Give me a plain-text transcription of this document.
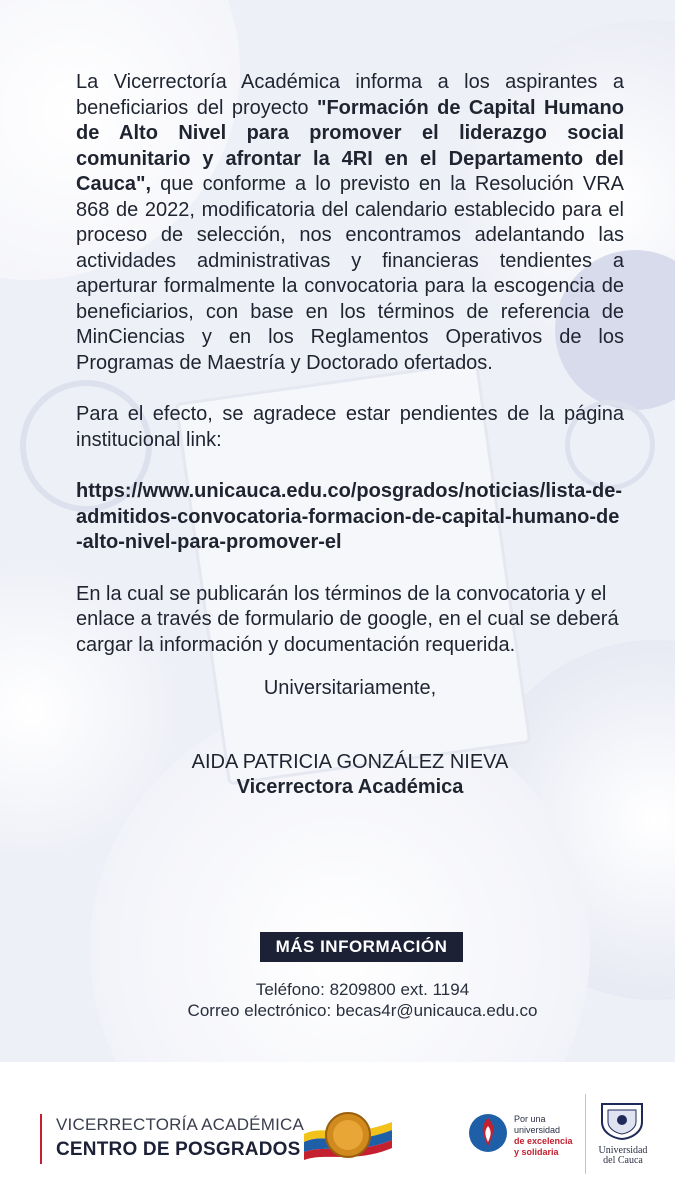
La Vicerrectoría Académica informa a los aspirantes a beneficiarios del proyecto "Formación de Capital Humano de Alto Nivel para promover el liderazgo social comunitario y afrontar la 4RI en el Departamento del Cauca", que conforme a lo previsto en la Resolución VRA 868 de 2022, modificatoria del calendario establecido para el proceso de selección, nos encontramos adelantando las actividades administrativas y financieras tendientes a aperturar formalmente la convocatoria para la escogencia de beneficiarios, con base en los términos de referencia de MinCiencias y en los Reglamentos Operativos de los Programas de Maestría y Doctorado ofertados.

Para el efecto, se agradece estar pendientes de la página institucional link:

https://www.unicauca.edu.co/posgrados/noticias/lista-de-admitidos-convocatoria-formacion-de-capital-humano-de-alto-nivel-para-promover-el

En la cual se publicarán los términos de la convocatoria y el enlace a través de formulario de google, en el cual se deberá cargar la información y documentación requerida.

Universitariamente,

AIDA PATRICIA GONZÁLEZ NIEVA

Vicerrectora Académica

MÁS INFORMACIÓN
Teléfono: 8209800 ext. 1194
Correo electrónico: becas4r@unicauca.edu.co
VICERRECTORÍA ACADÉMICA
CENTRO DE POSGRADOS
Por una
universidad
de excelencia
y solidaria	Universidad
del Cauca
